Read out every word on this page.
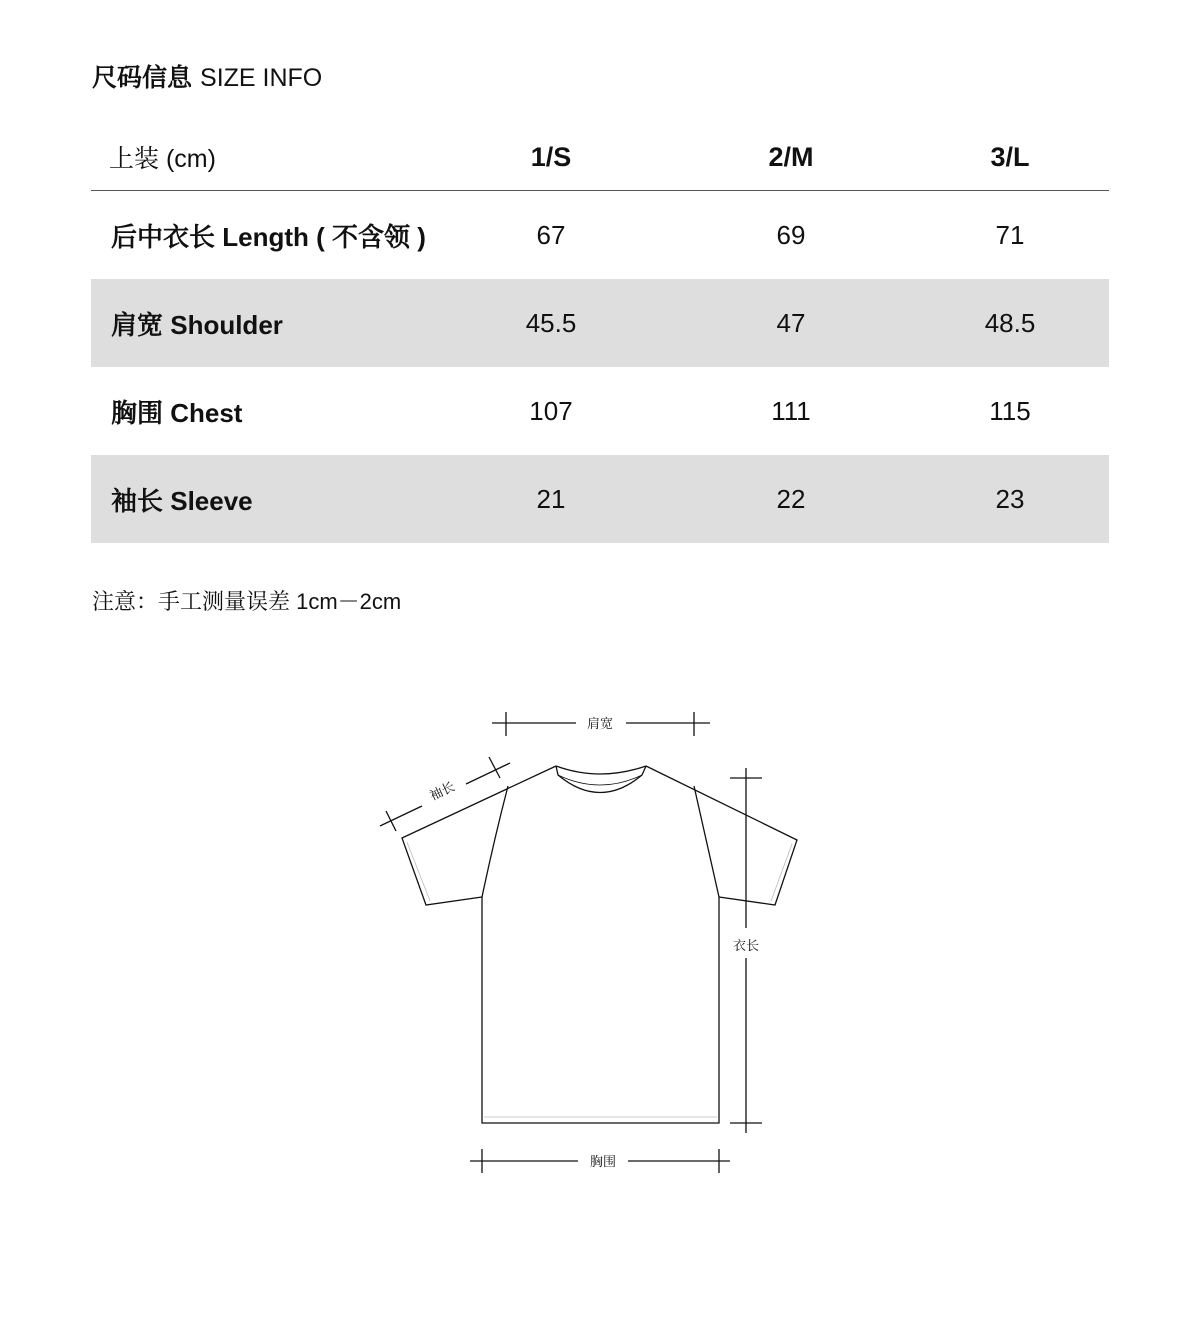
尺码信息 SIZE INFO
上装 (cm)	1/S	2/M	3/L
后中衣长 Length ( 不含领 )	67	69	71
肩宽 Shoulder	45.5	47	48.5
胸围 Chest	107	111	115
袖长 Sleeve	21	22	23
注意：手工测量误差 1cm－2cm
肩宽
袖长
衣长
胸围
